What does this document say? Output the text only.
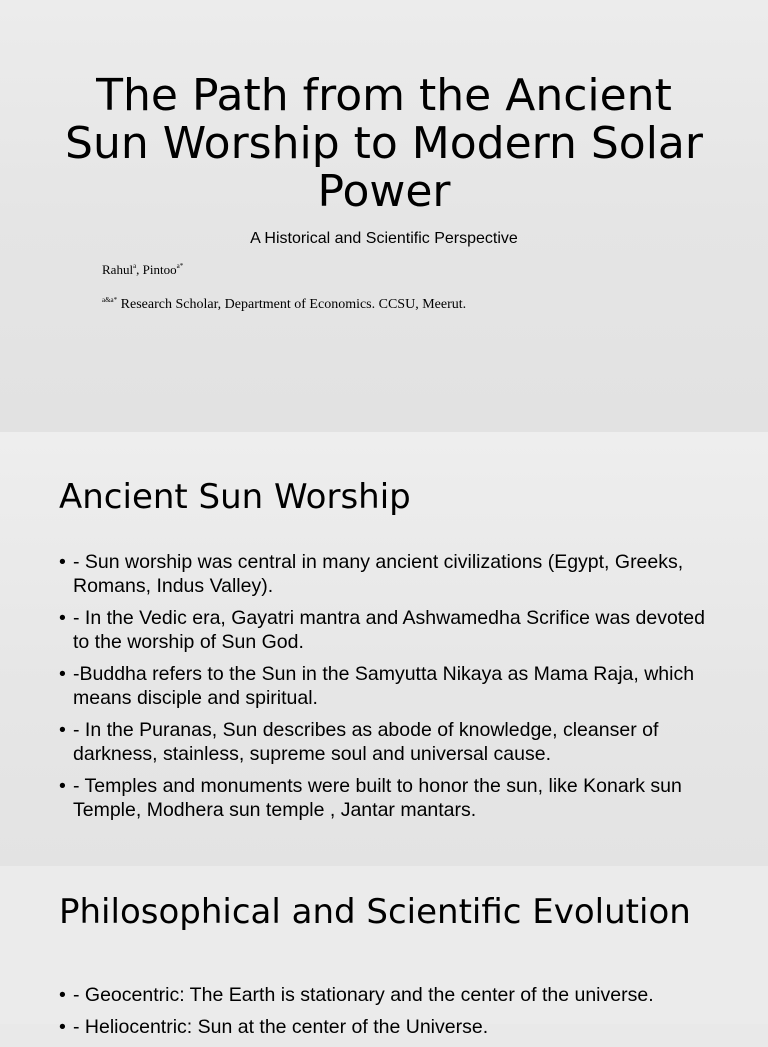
The Path from the Ancient Sun Worship to Modern Solar Power
A Historical and Scientific Perspective
Rahul$^a$, Pintoo$^{a*}$
$^{a\&a*}$ Research Scholar, Department of Economics. CCSU, Meerut.
Ancient Sun Worship
• - Sun worship was central in many ancient civilizations (Egypt, Greeks, Romans, Indus Valley).
• - In the Vedic era, Gayatri mantra and Ashwamedha Scrifice was devoted to the worship of Sun God.
• -Buddha refers to the Sun in the Samyutta Nikaya as Mama Raja, which means disciple and spiritual.
• - In the Puranas, Sun describes as abode of knowledge, cleanser of darkness, stainless, supreme soul and universal cause.
• - Temples and monuments were built to honor the sun, like Konark sun Temple, Modhera sun temple , Jantar mantars.
Philosophical and Scientific Evolution
• - Geocentric: The Earth is stationary and the center of the universe.
• - Heliocentric: Sun at the center of the Universe.
